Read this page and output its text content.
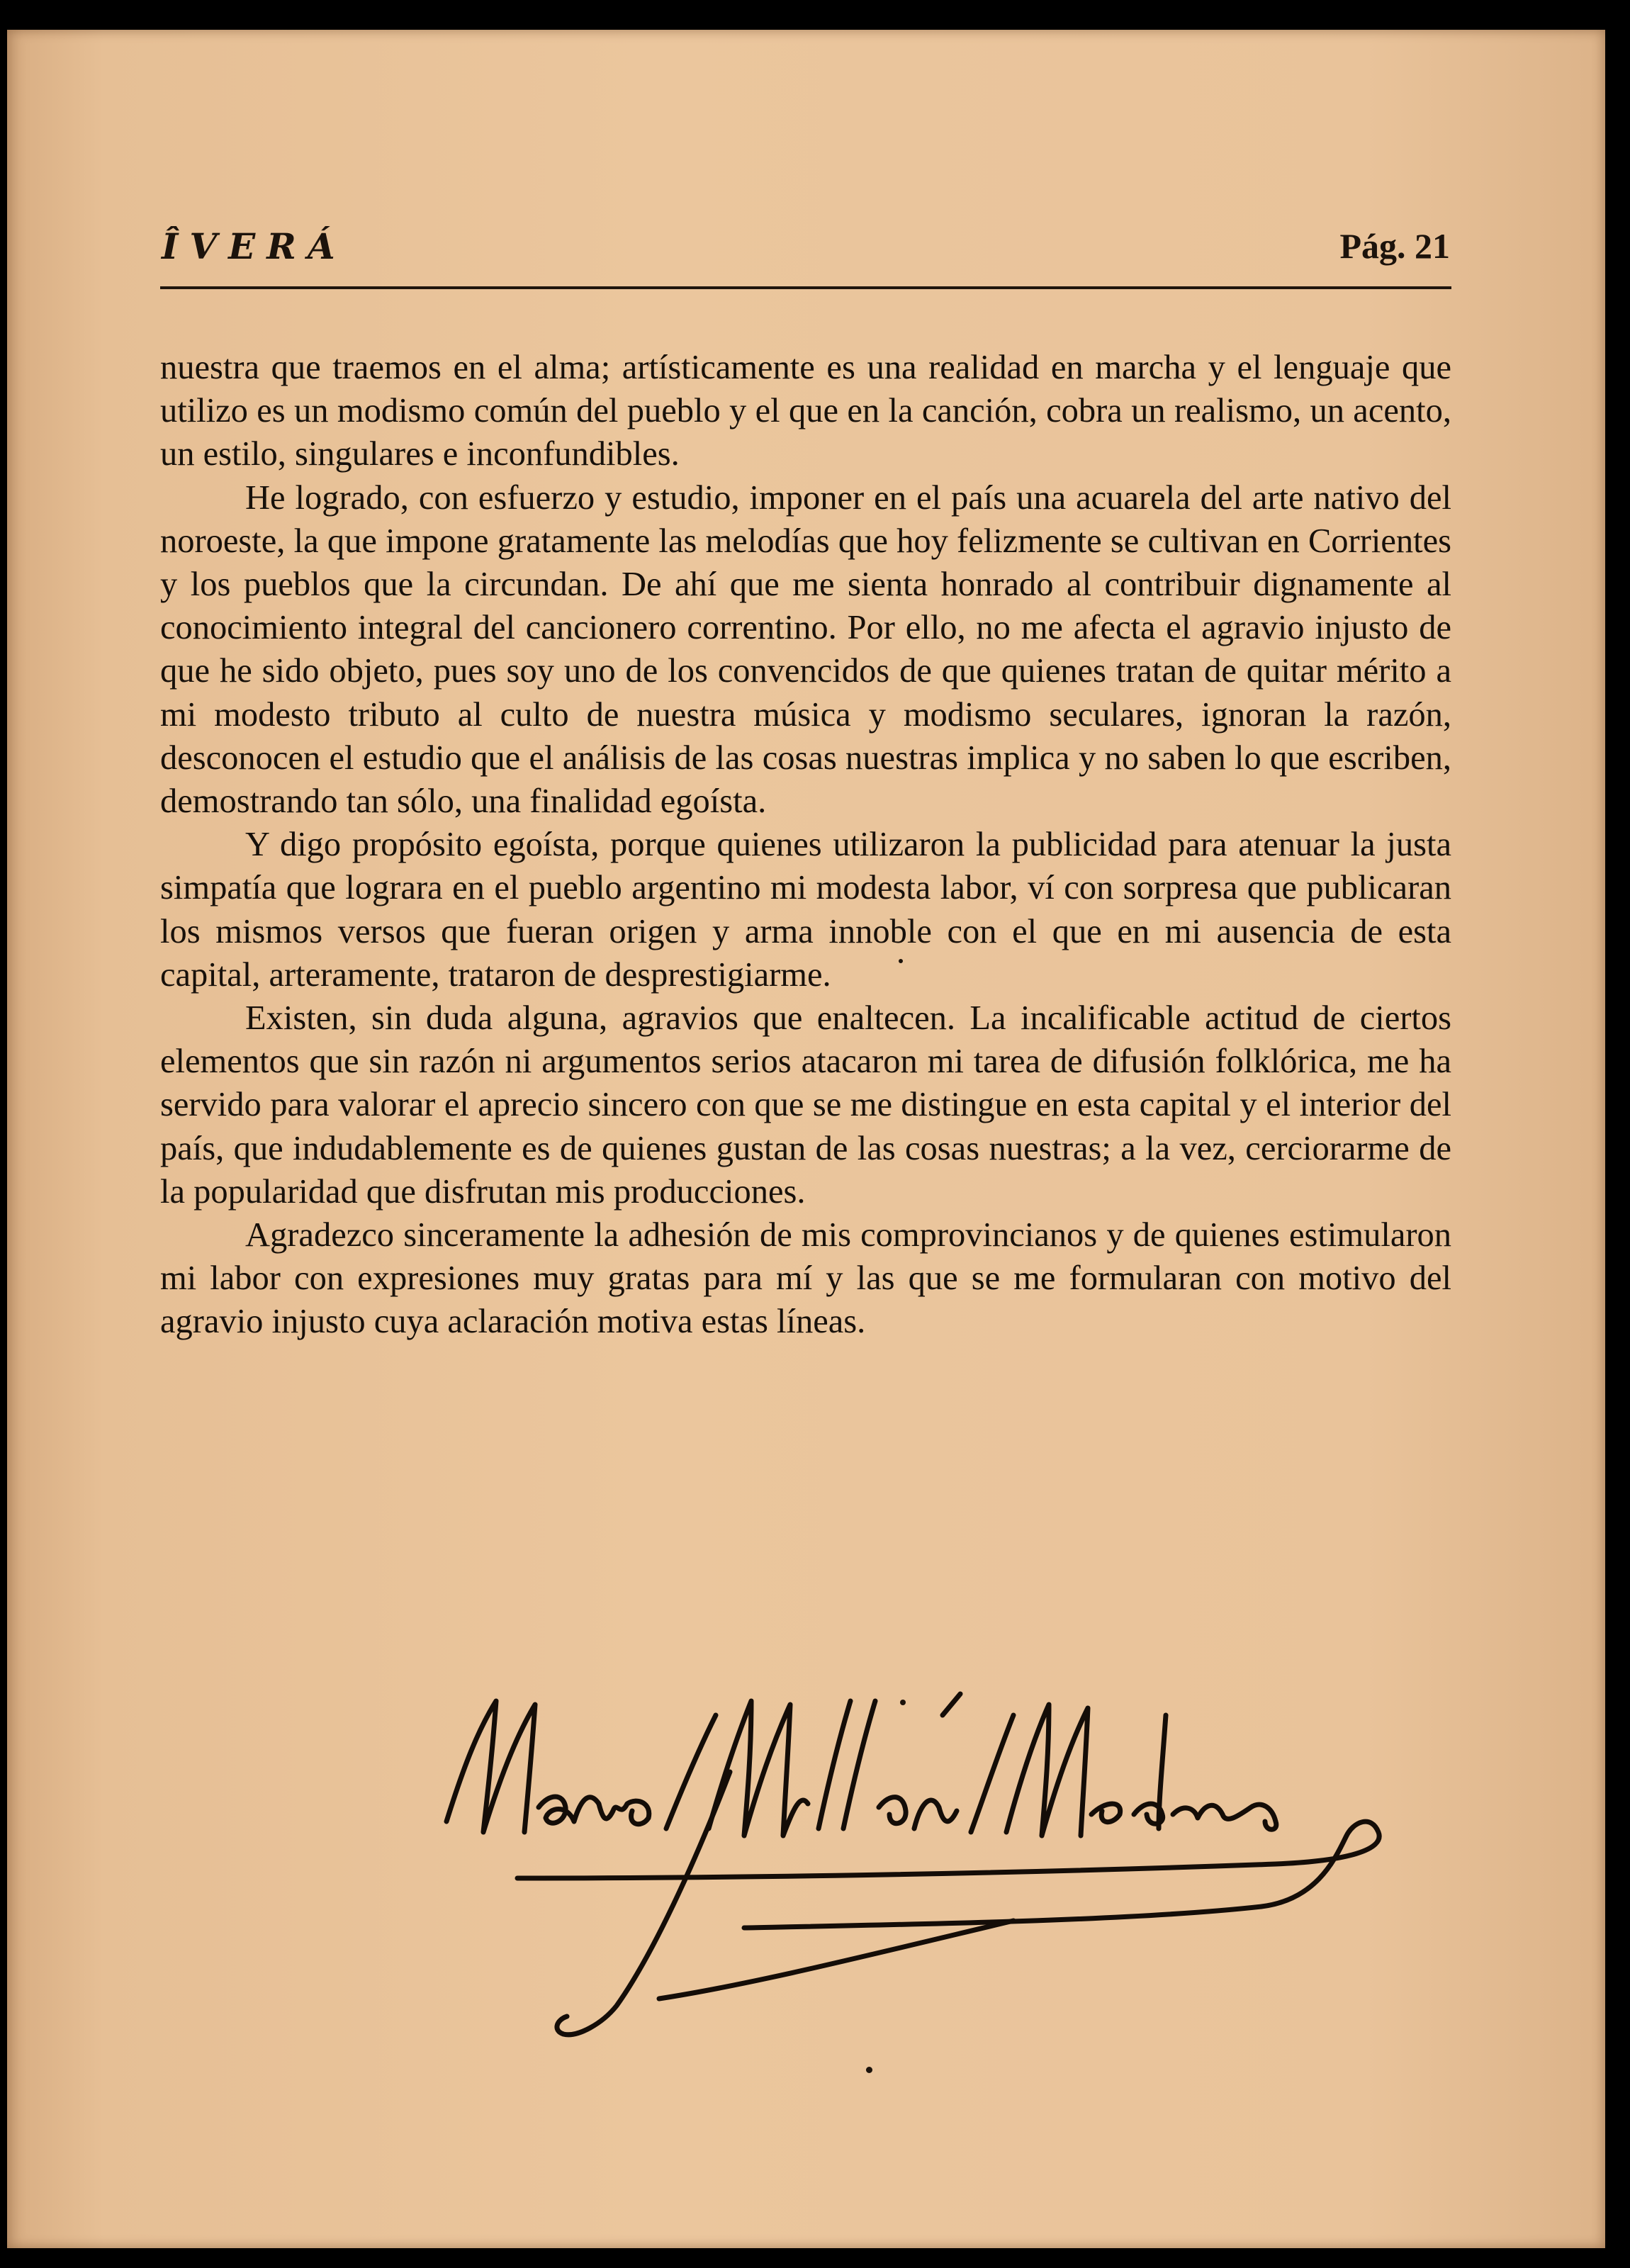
ÎVERÁ	Pág. 21

nuestra que traemos en el alma; artísticamente es una realidad en marcha y el lenguaje que utilizo es un modismo común del pueblo y el que en la canción, cobra un realismo, un acento, un estilo, singulares e inconfundibles.

He logrado, con esfuerzo y estudio, imponer en el país una acuarela del arte nativo del noroeste, la que impone gratamente las melodías que hoy felizmente se cultivan en Corrientes y los pueblos que la circundan. De ahí que me sienta honrado al contribuir dignamente al conocimiento integral del cancionero correntino. Por ello, no me afecta el agravio injusto de que he sido objeto, pues soy uno de los convencidos de que quienes tratan de quitar mérito a mi modesto tributo al culto de nuestra música y modismo seculares, ignoran la razón, desconocen el estudio que el análisis de las cosas nuestras implica y no saben lo que escriben, demostrando tan sólo, una finalidad egoísta.

Y digo propósito egoísta, porque quienes utilizaron la publicidad para atenuar la justa simpatía que lograra en el pueblo argentino mi modesta labor, ví con sorpresa que publicaran los mismos versos que fueran origen y arma innoble con el que en mi ausencia de esta capital, arteramente, trataron de desprestigiarme.

Existen, sin duda alguna, agravios que enaltecen. La incalificable actitud de ciertos elementos que sin razón ni argumentos serios atacaron mi tarea de difusión folklórica, me ha servido para valorar el aprecio sincero con que se me distingue en esta capital y el interior del país, que indudablemente es de quienes gustan de las cosas nuestras; a la vez, cerciorarme de la popularidad que disfrutan mis producciones.

Agradezco sinceramente la adhesión de mis comprovincianos y de quienes estimularon mi labor con expresiones muy gratas para mí y las que se me formularan con motivo del agravio injusto cuya aclaración motiva estas líneas.
